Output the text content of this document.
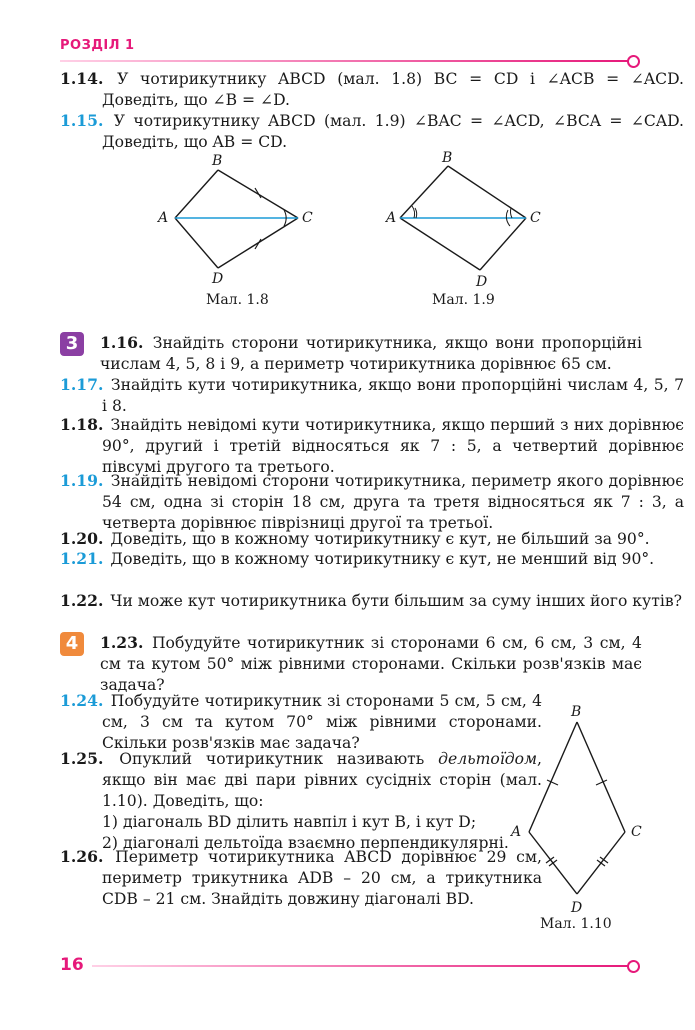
РОЗДІЛ 1
1.14. У чотирикутнику ABCD (мал. 1.8) BC = CD і ∠ACB = ∠ACD. Доведіть, що ∠B = ∠D.
1.15. У чотирикутнику ABCD (мал. 1.9) ∠BAC = ∠ACD, ∠BCA = ∠CAD. Доведіть, що AB = CD.
A
B
C
D
Мал. 1.8
A
B
C
D
Мал. 1.9
3	1.16. Знайдіть сторони чотирикутника, якщо вони пропорційні числам 4, 5, 8 і 9, а периметр чотирикутника дорівнює 65 см.
1.17. Знайдіть кути чотирикутника, якщо вони пропорційні числам 4, 5, 7 і 8.
1.18. Знайдіть невідомі кути чотирикутника, якщо перший з них дорівнює 90°, другий і третій відносяться як 7 : 5, а четвертий дорівнює півсумі другого та третього.
1.19. Знайдіть невідомі сторони чотирикутника, периметр якого дорівнює 54 см, одна зі сторін 18 см, друга та третя відносяться як 7 : 3, а четверта дорівнює піврізниці другої та третьої.
1.20. Доведіть, що в кожному чотирикутнику є кут, не більший за 90°.
1.21. Доведіть, що в кожному чотирикутнику є кут, не менший від 90°.
1.22. Чи може кут чотирикутника бути більшим за суму інших його кутів?
4	1.23. Побудуйте чотирикутник зі сторонами 6 см, 6 см, 3 см, 4 см та кутом 50° між рівними сторонами. Скільки розв'язків має задача?
1.24. Побудуйте чотирикутник зі сторонами 5 см, 5 см, 4 см, 3 см та кутом 70° між рівними сторонами. Скільки розв'язків має задача?
1.25. Опуклий чотирикутник називають дельтоїдом, якщо він має дві пари рівних сусідніх сторін (мал. 1.10). Доведіть, що:

1) діагональ BD ділить навпіл і кут B, і кут D;

2) діагоналі дельтоїда взаємно перпендикулярні.

1.26. Периметр чотирикутника ABCD дорівнює 29 см, периметр трикутника ADB – 20 см, а трикутника CDB – 21 см. Знайдіть довжину діагоналі BD.
A
B
C
D
Мал. 1.10
16
